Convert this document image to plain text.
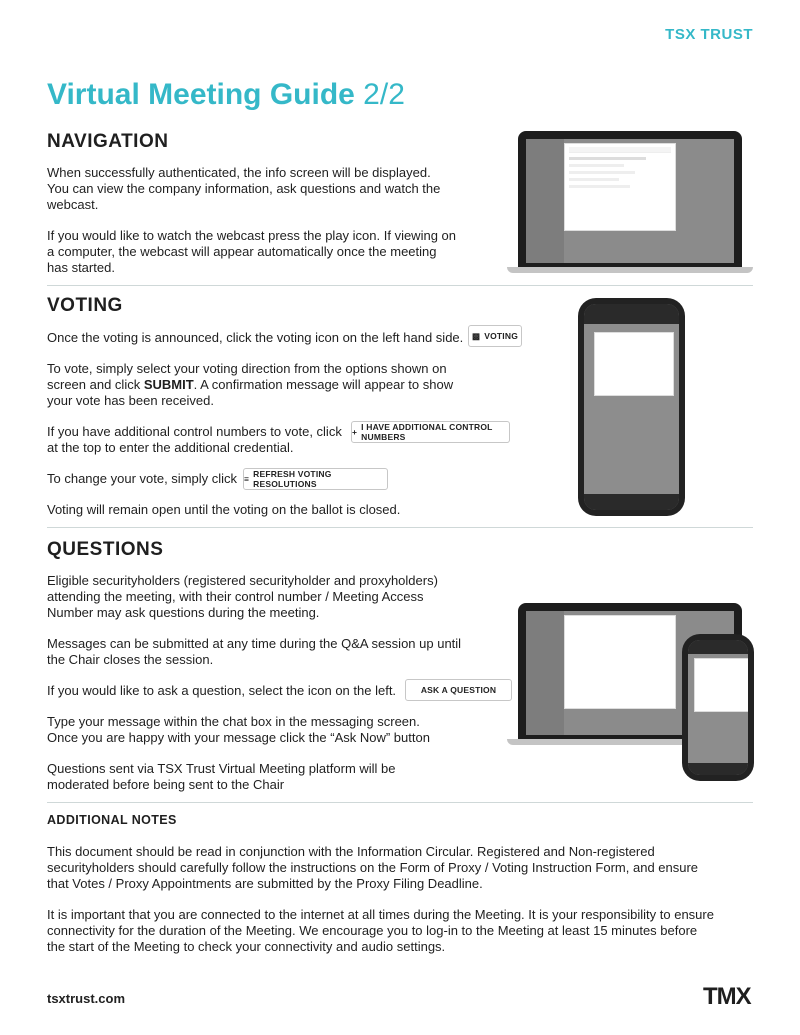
TSX TRUST
Virtual Meeting Guide 2/2
NAVIGATION

When successfully authenticated, the info screen will be displayed.
You can view the company information, ask questions and watch the
webcast.

If you would like to watch the webcast press the play icon. If viewing on
a computer, the webcast will appear automatically once the meeting
has started.

VOTING

Once the voting is announced, click the voting icon on the left hand side. ▩ VOTING

To vote, simply select your voting direction from the options shown on
screen and click SUBMIT. A confirmation message will appear to show
your vote has been received.

If you have additional control numbers to vote, click
at the top to enter the additional credential.

+ I HAVE ADDITIONAL CONTROL NUMBERS

To change your vote, simply click ≡ REFRESH VOTING RESOLUTIONS

Voting will remain open until the voting on the ballot is closed.

QUESTIONS

Eligible securityholders (registered securityholder and proxyholders)
attending the meeting, with their control number / Meeting Access
Number may ask questions during the meeting.

Messages can be submitted at any time during the Q&A session up until
the Chair closes the session.

If you would like to ask a question, select the icon on the left.	ASK A QUESTION

Type your message within the chat box in the messaging screen.
Once you are happy with your message click the “Ask Now” button

Questions sent via TSX Trust Virtual Meeting platform will be
moderated before being sent to the Chair

ADDITIONAL NOTES

This document should be read in conjunction with the Information Circular. Registered and Non-registered
securityholders should carefully follow the instructions on the Form of Proxy / Voting Instruction Form, and ensure
that Votes / Proxy Appointments are submitted by the Proxy Filing Deadline.

It is important that you are connected to the internet at all times during the Meeting. It is your responsibility to ensure
connectivity for the duration of the Meeting. We encourage you to log-in to the Meeting at least 15 minutes before
the start of the Meeting to check your connectivity and audio settings.

tsxtrust.com	TMX
